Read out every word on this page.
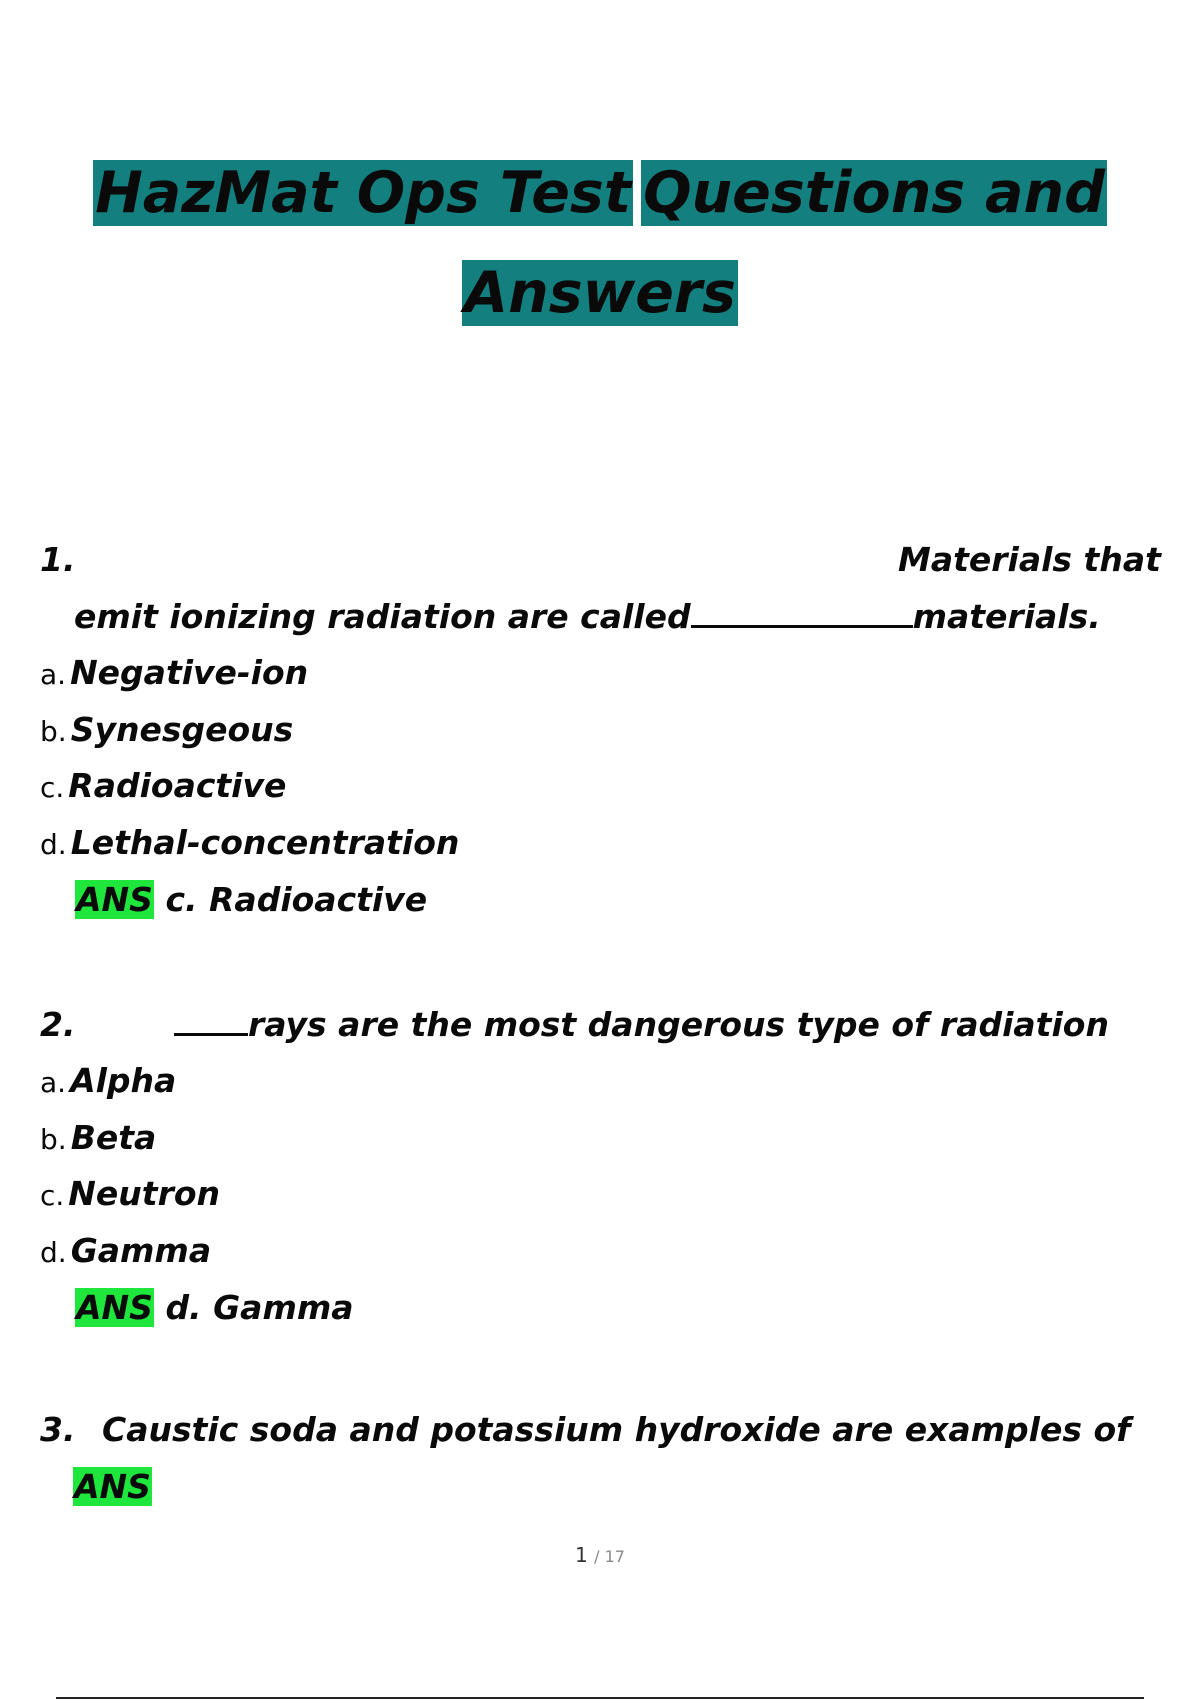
HazMat Ops Test Questions and
Answers
1.	Materials that
emit ionizing radiation are called	materials.
a. Negative-ion
b. Synesgeous
c. Radioactive
d. Lethal-concentration
ANS c. Radioactive
2.	rays are the most dangerous type of radiation
a. Alpha
b. Beta
c. Neutron
d. Gamma
ANS d. Gamma
3. Caustic soda and potassium hydroxide are examples of
ANS
1 / 17
